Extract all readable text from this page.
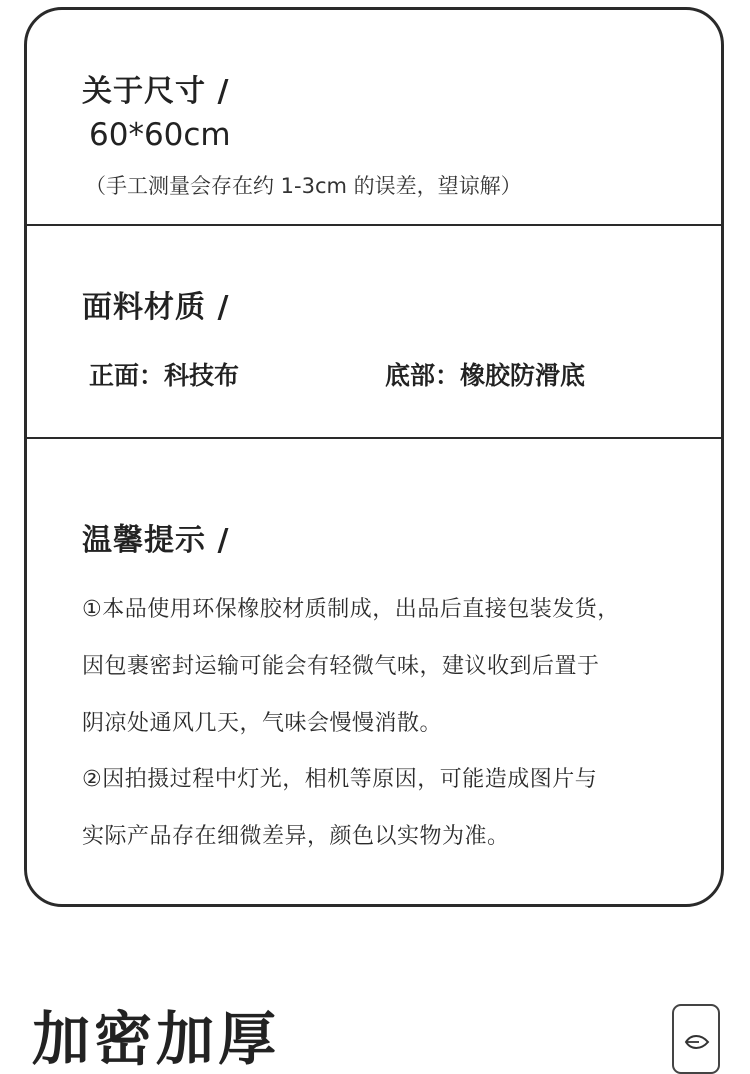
关于尺寸 /
60*60cm
（手工测量会存在约 1-3cm 的误差，望谅解）
面料材质 /
正面：科技布	底部：橡胶防滑底
温馨提示 /
①本品使用环保橡胶材质制成，出品后直接包装发货，
因包裹密封运输可能会有轻微气味，建议收到后置于
阴凉处通风几天，气味会慢慢消散。
②因拍摄过程中灯光，相机等原因，可能造成图片与
实际产品存在细微差异，颜色以实物为准。
加密加厚
